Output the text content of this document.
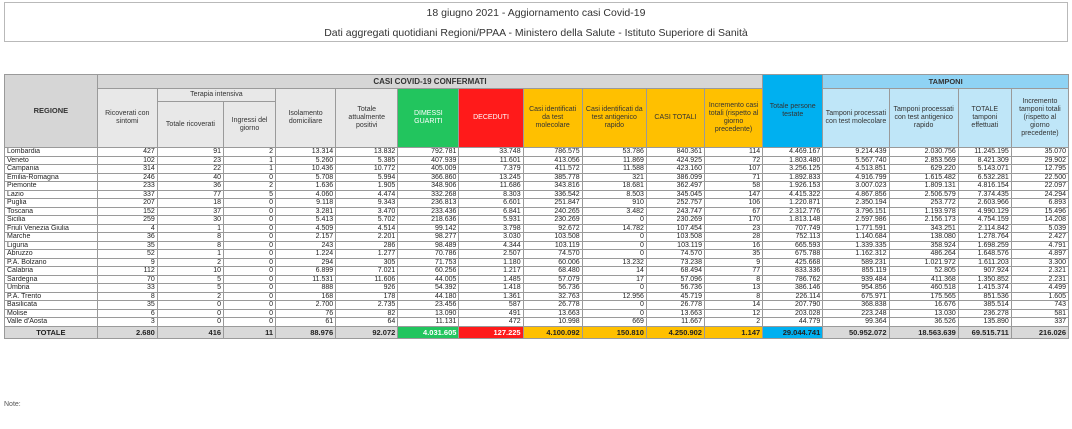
18 giugno 2021 - Aggiornamento casi Covid-19
Dati aggregati quotidiani Regioni/PPAA - Ministero della Salute - Istituto Superiore di Sanità
REGIONE	CASI COVID-19 CONFERMATI											Totale persone testate	TAMPONI			
	Ricoverati con sintomi	Terapia intensiva		Isolamento domiciliare	Totale attualmente positivi	DIMESSI GUARITI	DECEDUTI	Casi identificati da test molecolare	Casi identificati da test antigenico rapido	CASI TOTALI	Incremento casi totali (rispetto al giorno precedente)		Tamponi processati con test molecolare	Tamponi processati con test antigenico rapido	TOTALE tamponi effettuati	Incremento tamponi totali (rispetto al giorno precedente)
		Totale ricoverati	Ingressi del giorno													
Lombardia	427	91	2	13.314	13.832	792.781	33.748	786.575	53.786	840.361	114	4.469.167	9.214.439	2.030.756	11.245.195	35.070
Veneto	102	23	1	5.260	5.385	407.939	11.601	413.056	11.869	424.925	72	1.803.480	5.567.740	2.853.569	8.421.309	29.902
Campania	314	22	1	10.436	10.772	405.009	7.379	411.572	11.588	423.160	107	3.256.125	4.513.851	629.220	5.143.071	12.795
Emilia-Romagna	246	40	0	5.708	5.994	366.860	13.245	385.778	321	386.099	71	1.892.833	4.916.799	1.615.482	6.532.281	22.500
Piemonte	233	36	2	1.636	1.905	348.906	11.686	343.816	18.681	362.497	58	1.926.153	3.007.023	1.809.131	4.816.154	22.097
Lazio	337	77	5	4.060	4.474	332.268	8.303	336.542	8.503	345.045	147	4.415.322	4.867.856	2.506.579	7.374.435	24.294
Puglia	207	18	0	9.118	9.343	236.813	6.601	251.847	910	252.757	106	1.220.871	2.350.194	253.772	2.603.966	6.893
Toscana	152	37	0	3.281	3.470	233.436	6.841	240.265	3.482	243.747	67	2.312.776	3.796.151	1.193.978	4.990.129	15.496
Sicilia	259	30	0	5.413	5.702	218.636	5.931	230.269	0	230.269	170	1.813.148	2.597.986	2.156.173	4.754.159	14.208
Friuli Venezia Giulia	4	1	0	4.509	4.514	99.142	3.798	92.672	14.782	107.454	23	707.749	1.771.591	343.251	2.114.842	5.039
Marche	36	8	0	2.157	2.201	98.277	3.030	103.508	0	103.508	28	752.113	1.140.684	138.080	1.278.764	2.427
Liguria	35	8	0	243	286	98.489	4.344	103.119	0	103.119	16	665.593	1.339.335	358.924	1.698.259	4.791
Abruzzo	52	1	0	1.224	1.277	70.786	2.507	74.570	0	74.570	35	675.788	1.162.312	486.264	1.648.576	4.897
P.A. Bolzano	9	2	0	294	305	71.753	1.180	60.006	13.232	73.238	9	425.668	589.231	1.021.972	1.611.203	3.300
Calabria	112	10	0	6.899	7.021	60.256	1.217	68.480	14	68.494	77	833.336	855.119	52.805	907.924	2.321
Sardegna	70	5	0	11.531	11.606	44.005	1.485	57.079	17	57.096	8	786.762	939.484	411.368	1.350.852	2.231
Umbria	33	5	0	888	926	54.392	1.418	56.736	0	56.736	13	386.146	954.856	460.518	1.415.374	4.499
P.A. Trento	8	2	0	168	178	44.180	1.361	32.763	12.956	45.719	8	226.114	675.971	175.565	851.536	1.605
Basilicata	35	0	0	2.700	2.735	23.456	587	26.778	0	26.778	14	207.790	368.838	16.676	385.514	743
Molise	6	0	0	76	82	13.090	491	13.663	0	13.663	12	203.028	223.248	13.030	236.278	581
Valle d'Aosta	3	0	0	61	64	11.131	472	10.998	669	11.667	2	44.779	99.364	36.526	135.890	337
TOTALE	2.680	416	11	88.976	92.072	4.031.605	127.225	4.100.092	150.810	4.250.902	1.147	29.044.741	50.952.072	18.563.639	69.515.711	216.026
Note:
